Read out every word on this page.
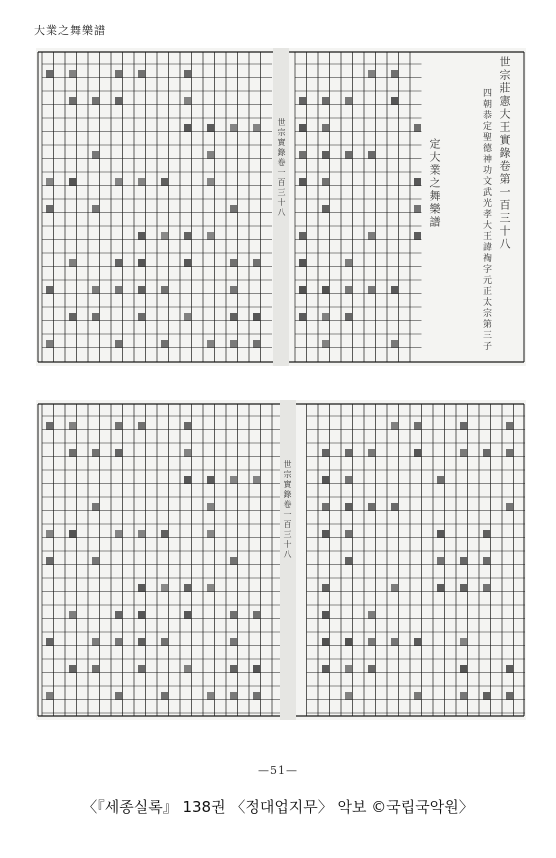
大業之舞樂譜
世宗莊憲大王實錄卷第一百三十八
四朝恭定聖德神功文武光孝大王諱裪字元正太宗第三子
定大業之舞樂譜
世宗實錄卷一百三十八
世宗實錄卷一百三十八
—51—
〈『세종실록』 138권 〈정대업지무〉 악보 ©국립국악원〉
